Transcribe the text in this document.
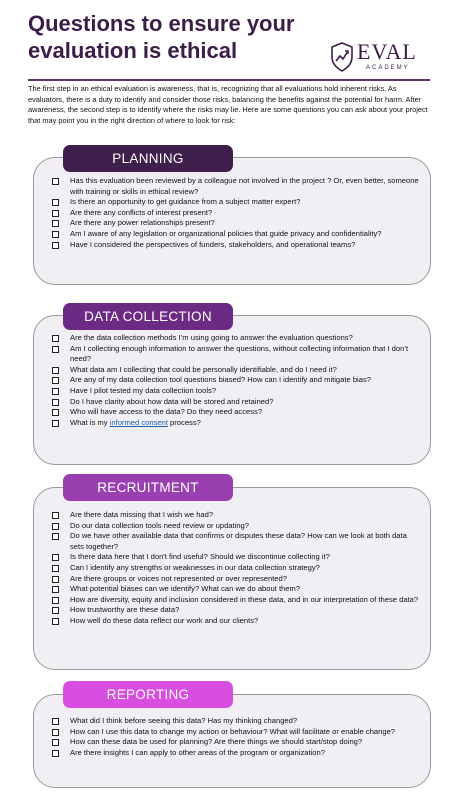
Questions to ensure your
evaluation is ethical	EVAL
ACADEMY
The first step in an ethical evaluation is awareness, that is, recognizing that all evaluations hold inherent risks. As evaluators, there is a duty to identify and consider those risks, balancing the benefits against the potential for harm. After awareness, the second step is to identify where the risks may lie. Here are some questions you can ask about your project that may point you in the right direction of where to look for risk:
PLANNING
Has this evaluation been reviewed by a colleague not involved in the project ? Or, even better, someone with training or skills in ethical review?
Is there an opportunity to get guidance from a subject matter expert?
Are there any conflicts of interest present?
Are there any power relationships present?
Am I aware of any legislation or organizational policies that guide privacy and confidentiality?
Have I considered the perspectives of funders, stakeholders, and operational teams?
DATA COLLECTION
Are the data collection methods I’m using going to answer the evaluation questions?
Am I collecting enough information to answer the questions, without collecting information that I don’t need?
What data am I collecting that could be personally identifiable, and do I need it?
Are any of my data collection tool questions biased? How can I identify and mitigate bias?
Have I pilot tested my data collection tools?
Do I have clarity about how data will be stored and retained?
Who will have access to the data? Do they need access?
What is my informed consent process?
RECRUITMENT
Are there data missing that I wish we had?
Do our data collection tools need review or updating?
Do we have other available data that confirms or disputes these data? How can we look at both data sets together?
Is there data here that I don't find useful? Should we discontinue collecting it?
Can I identify any strengths or weaknesses in our data collection strategy?
Are there groups or voices not represented or over represented?
What potential biases can we identify? What can we do about them?
How are diversity, equity and inclusion considered in these data, and in our interpretation of these data?
How trustworthy are these data?
How well do these data reflect our work and our clients?
REPORTING
What did I think before seeing this data? Has my thinking changed?
How can I use this data to change my action or behaviour? What will facilitate or enable change?
How can these data be used for planning? Are there things we should start/stop doing?
Are there insights I can apply to other areas of the program or organization?
